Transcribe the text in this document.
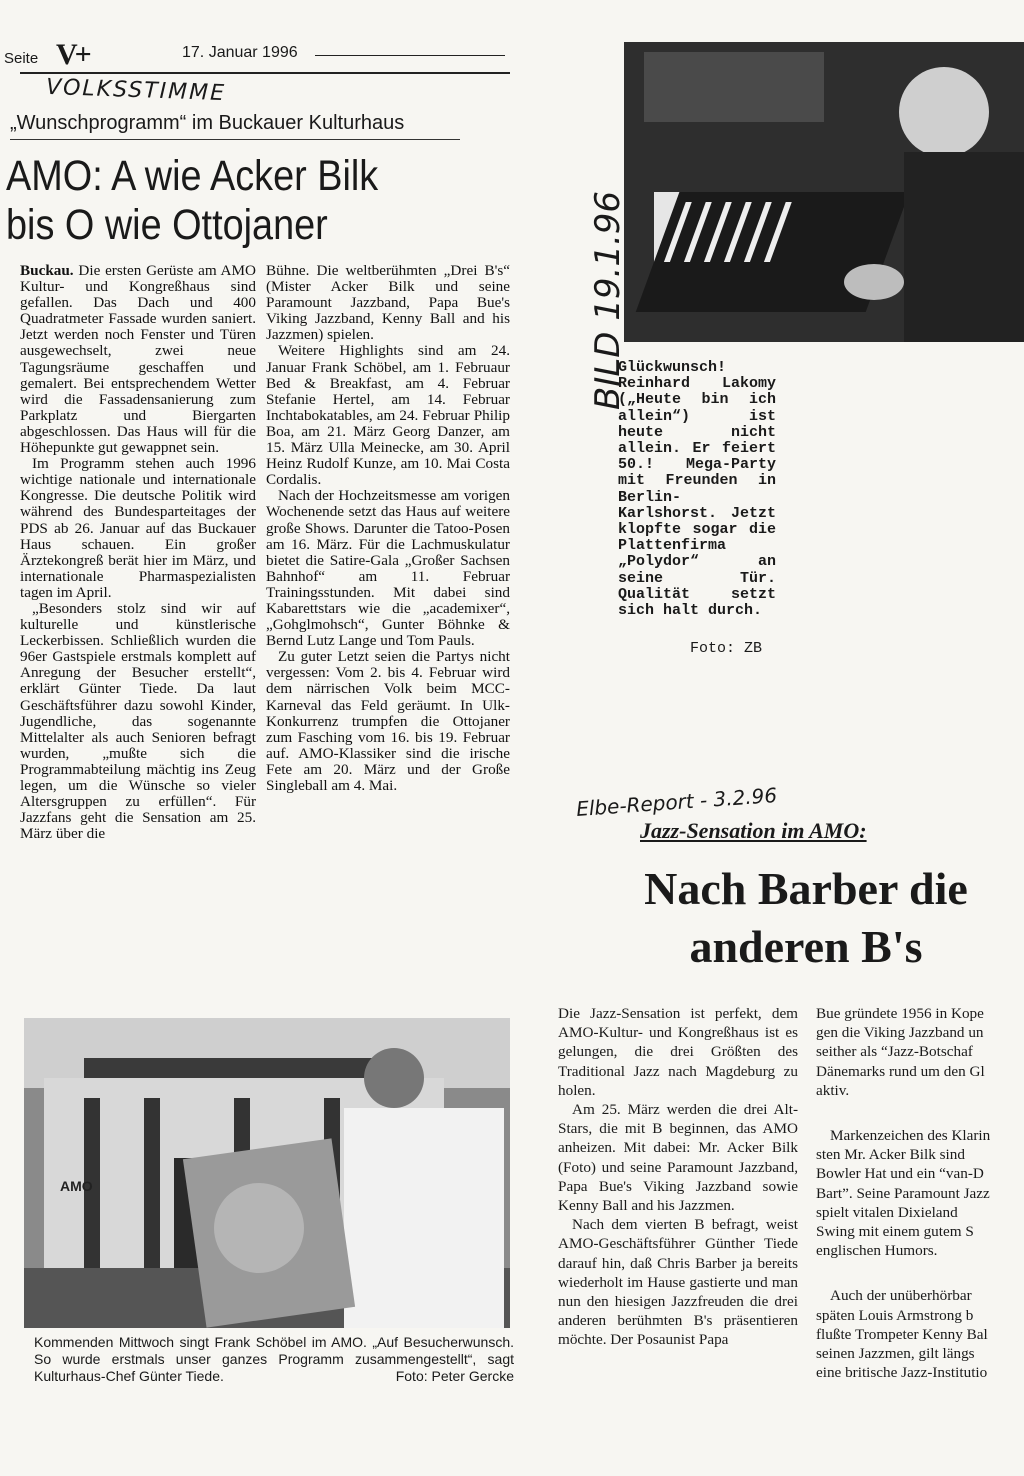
Seite V+	17. Januar 1996
VOLKSSTIMME
„Wunschprogramm“ im Buckauer Kulturhaus
AMO: A wie Acker Bilk
bis O wie Ottojaner

Buckau. Die ersten Gerüste am AMO Kultur- und Kongreßhaus sind gefallen. Das Dach und 400 Quadratmeter Fassade wurden saniert. Jetzt werden noch Fenster und Türen ausgewechselt, zwei neue Tagungsräume geschaffen und gemalert. Bei entsprechendem Wetter wird die Fassadensanierung zum Parkplatz und Biergarten abgeschlossen. Das Haus will für die Höhepunkte gut gewappnet sein.

Im Programm stehen auch 1996 wichtige nationale und internationale Kongresse. Die deutsche Politik wird während des Bundesparteitages der PDS ab 26. Januar auf das Buckauer Haus schauen. Ein großer Ärztekongreß berät hier im März, und internationale Pharmaspezialisten tagen im April.

„Besonders stolz sind wir auf kulturelle und künstlerische Leckerbissen. Schließlich wurden die 96er Gastspiele erstmals komplett auf Anregung der Besucher erstellt“, erklärt Günter Tiede. Da laut Geschäftsführer dazu sowohl Kinder, Jugendliche, das sogenannte Mittelalter als auch Senioren befragt wurden, „mußte sich die Programmabteilung mächtig ins Zeug legen, um die Wünsche so vieler Altersgruppen zu erfüllen“. Für Jazzfans geht die Sensation am 25. März über die

Bühne. Die weltberühmten „Drei B's“ (Mister Acker Bilk und seine Paramount Jazzband, Papa Bue's Viking Jazzband, Kenny Ball and his Jazzmen) spielen.

Weitere Highlights sind am 24. Januar Frank Schöbel, am 1. Februaur Bed & Breakfast, am 4. Februar Stefanie Hertel, am 14. Februar Inchtabokatables, am 24. Februar Philip Boa, am 21. März Georg Danzer, am 15. März Ulla Meinecke, am 30. April Heinz Rudolf Kunze, am 10. Mai Costa Cordalis.

Nach der Hochzeitsmesse am vorigen Wochenende setzt das Haus auf weitere große Shows. Darunter die Tatoo-Posen am 16. März. Für die Lachmuskulatur bietet die Satire-Gala „Großer Sachsen Bahnhof“ am 11. Februar Trainingsstunden. Mit dabei sind Kabarettstars wie die „academixer“, „Gohglmohsch“, Gunter Böhnke & Bernd Lutz Lange und Tom Pauls.

Zu guter Letzt seien die Partys nicht vergessen: Vom 2. bis 4. Februar wird dem närrischen Volk beim MCC-Karneval das Feld geräumt. In Ulk-Konkurrenz trumpfen die Ottojaner zum Fasching vom 16. bis 19. Februar auf. AMO-Klassiker sind die irische Fete am 20. März und der Große Singleball am 4. Mai.

AMO
Kommenden Mittwoch singt Frank Schöbel im AMO. „Auf Besucherwunsch. So wurde erstmals unser ganzes Programm zusammengestellt“, sagt Kulturhaus-Chef Günter Tiede.	Foto: Peter Gercke
BILD 19.1.96
Glückwunsch! Reinhard Lakomy („Heute bin ich allein“) ist heute nicht allein. Er feiert 50.! Mega-Party mit Freunden in Berlin-Karlshorst. Jetzt klopfte sogar die Plattenfirma „Polydor“ an seine Tür. Qualität setzt sich halt durch.
Foto: ZB
Elbe-Report - 3.2.96
Jazz-Sensation im AMO:
Nach Barber die
anderen B's

Die Jazz-Sensation ist perfekt, dem AMO-Kultur- und Kongreßhaus ist es gelungen, die drei Größten des Traditional Jazz nach Magdeburg zu holen.

Am 25. März werden die drei Alt-Stars, die mit B beginnen, das AMO anheizen. Mit dabei: Mr. Acker Bilk (Foto) und seine Paramount Jazzband, Papa Bue's Viking Jazzband sowie Kenny Ball and his Jazzmen.

Nach dem vierten B befragt, weist AMO-Geschäftsführer Günther Tiede darauf hin, daß Chris Barber ja bereits wiederholt im Hause gastierte und man nun den hiesigen Jazzfreuden die drei anderen berühmten B's präsentieren möchte. Der Posaunist Papa

Bue gründete 1956 in Kope
gen die Viking Jazzband un
seither als “Jazz-Botschaf
Dänemarks rund um den Gl
aktiv.
Markenzeichen des Klarin
sten Mr. Acker Bilk sind
Bowler Hat und ein “van-D
Bart”. Seine Paramount Jazz
spielt vitalen Dixieland
Swing mit einem gutem S
englischen Humors.
Auch der unüberhörbar
späten Louis Armstrong b
flußte Trompeter Kenny Bal
seinen Jazzmen, gilt längs
eine britische Jazz-Institutio
